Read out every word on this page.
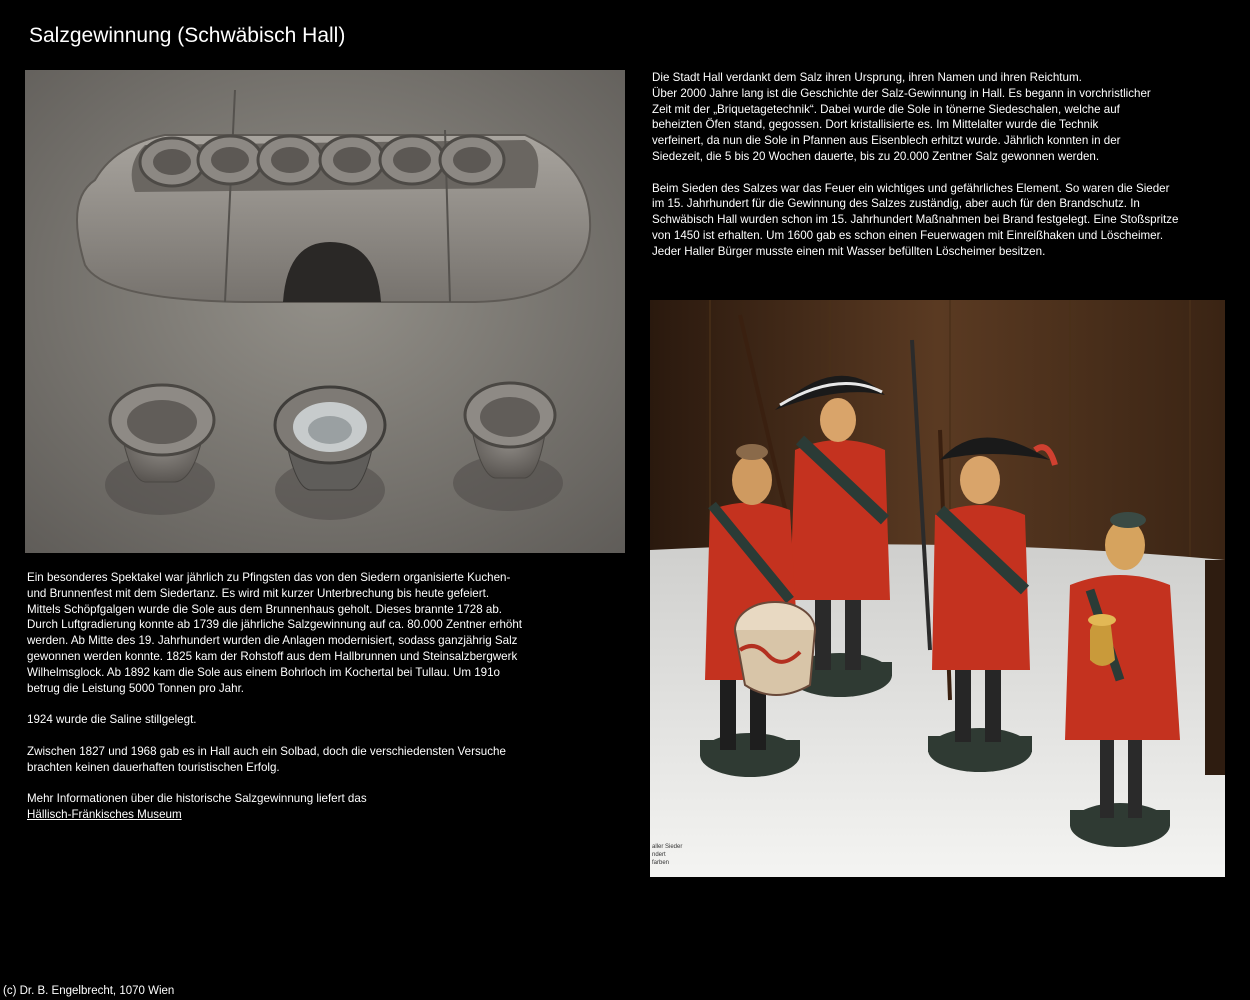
Salzgewinnung (Schwäbisch Hall)

Die Stadt Hall verdankt dem Salz ihren Ursprung, ihren Namen und ihren Reichtum.
Über 2000 Jahre lang ist die Geschichte der Salz-Gewinnung in Hall. Es begann in vorchristlicher
Zeit mit der „Briquetagetechnik“. Dabei wurde die Sole in tönerne Siedeschalen, welche auf
beheizten Öfen stand, gegossen. Dort kristallisierte es. Im Mittelalter wurde die Technik
verfeinert, da nun die Sole in Pfannen aus Eisenblech erhitzt wurde. Jährlich konnten in der
Siedezeit, die 5 bis 20 Wochen dauerte, bis zu 20.000 Zentner Salz gewonnen werden.

Beim Sieden des Salzes war das Feuer ein wichtiges und gefährliches Element. So waren die Sieder
im 15. Jahrhundert für die Gewinnung des Salzes zuständig, aber auch für den Brandschutz. In
Schwäbisch Hall wurden schon im 15. Jahrhundert Maßnahmen bei Brand festgelegt. Eine Stoßspritze
von 1450 ist erhalten. Um 1600 gab es schon einen Feuerwagen mit Einreißhaken und Löscheimer.
Jeder Haller Bürger musste einen mit Wasser befüllten Löscheimer besitzen.

aller Sieder
ndert
farben

Ein besonderes Spektakel war jährlich zu Pfingsten das von den Siedern organisierte Kuchen-
und Brunnenfest mit dem Siedertanz. Es wird mit kurzer Unterbrechung bis heute gefeiert.
Mittels Schöpfgalgen wurde die Sole aus dem Brunnenhaus geholt. Dieses brannte 1728 ab.
Durch Luftgradierung konnte ab 1739 die jährliche Salzgewinnung auf ca. 80.000 Zentner erhöht
werden. Ab Mitte des 19. Jahrhundert wurden die Anlagen modernisiert, sodass ganzjährig Salz
gewonnen werden konnte. 1825 kam der Rohstoff aus dem Hallbrunnen und Steinsalzbergwerk
Wilhelmsglock. Ab 1892 kam die Sole aus einem Bohrloch im Kochertal bei Tullau. Um 191o
betrug die Leistung 5000 Tonnen pro Jahr.

1924 wurde die Saline stillgelegt.

Zwischen 1827 und 1968 gab es in Hall auch ein Solbad, doch die verschiedensten Versuche
brachten keinen dauerhaften touristischen Erfolg.

Mehr Informationen über die historische Salzgewinnung liefert das
Hällisch-Fränkisches Museum

(c) Dr. B. Engelbrecht, 1070 Wien
